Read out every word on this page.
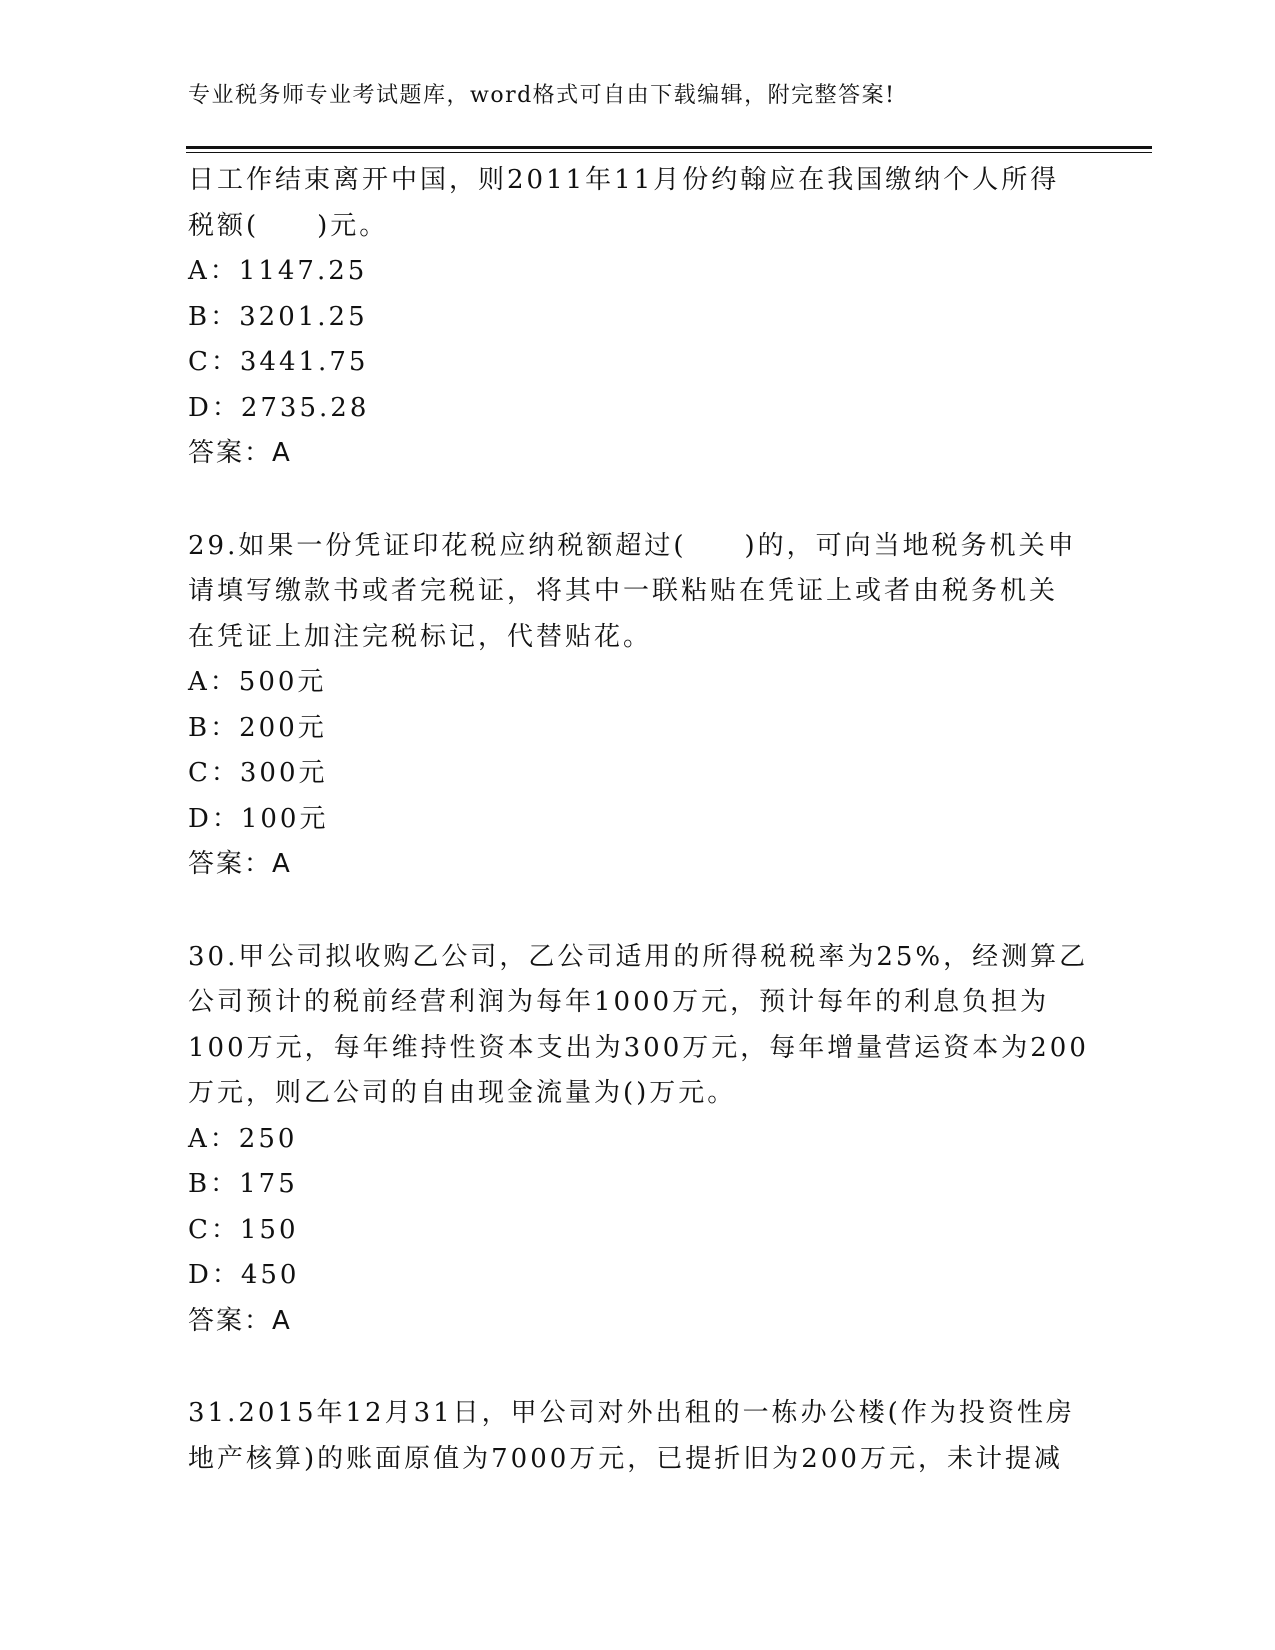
专业税务师专业考试题库，word格式可自由下载编辑，附完整答案!
日工作结束离开中国，则2011年11月份约翰应在我国缴纳个人所得
税额(　　)元。
A：1147.25
B：3201.25
C：3441.75
D：2735.28
答案：A
29.如果一份凭证印花税应纳税额超过(　　)的，可向当地税务机关申
请填写缴款书或者完税证，将其中一联粘贴在凭证上或者由税务机关
在凭证上加注完税标记，代替贴花。
A：500元
B：200元
C：300元
D：100元
答案：A
30.甲公司拟收购乙公司，乙公司适用的所得税税率为25%，经测算乙
公司预计的税前经营利润为每年1000万元，预计每年的利息负担为
100万元，每年维持性资本支出为300万元，每年增量营运资本为200
万元，则乙公司的自由现金流量为()万元。
A：250
B：175
C：150
D：450
答案：A
31.2015年12月31日，甲公司对外出租的一栋办公楼(作为投资性房
地产核算)的账面原值为7000万元，已提折旧为200万元，未计提减
